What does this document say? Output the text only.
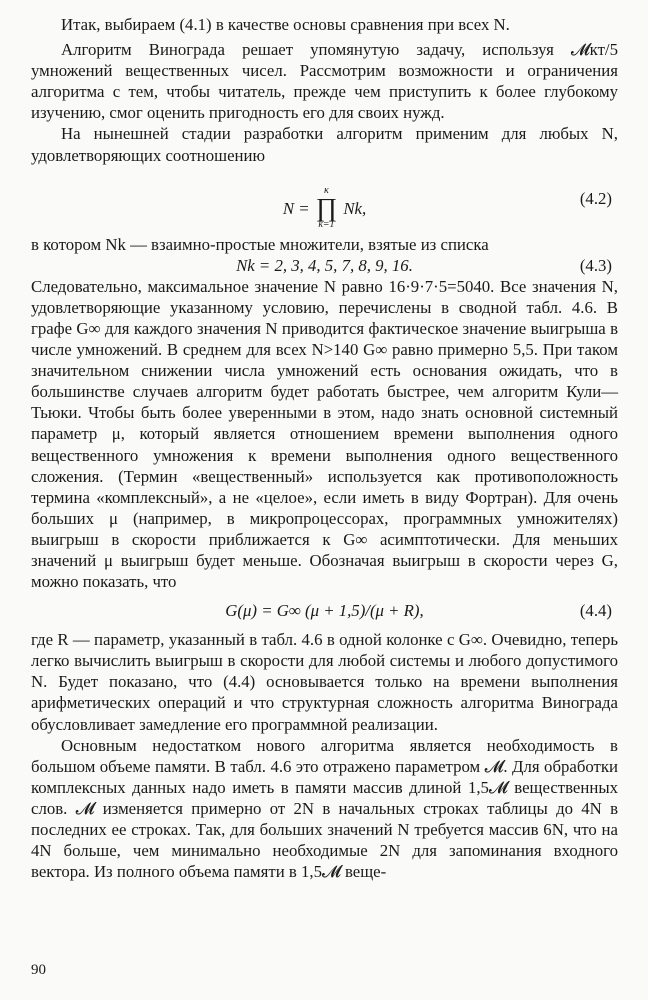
Итак, выбираем (4.1) в качестве основы сравнения при всех N.

Алгоритм Винограда решает упомянутую задачу, используя 𝓜кт/5 умножений вещественных чисел. Рассмотрим возможности и ограничения алгоритма с тем, чтобы читатель, прежде чем приступить к более глубокому изучению, смог оценить пригодность его для своих нужд.

На нынешней стадии разработки алгоритм применим для любых N, удовлетворяющих соотношению

N =
κ
∏
k=1
Nk,
(4.2)

в котором Nk — взаимно-простые множители, взятые из списка

Nk = 2, 3, 4, 5, 7, 8, 9, 16.	(4.3)

Следовательно, максимальное значение N равно 16·9·7·5=5040. Все значения N, удовлетворяющие указанному условию, перечислены в сводной табл. 4.6. В графе G∞ для каждого значения N приводится фактическое значение выигрыша в числе умножений. В среднем для всех N>140 G∞ равно примерно 5,5. При таком значительном снижении числа умножений есть основания ожидать, что в большинстве случаев алгоритм будет работать быстрее, чем алгоритм Кули—Тьюки. Чтобы быть более уверенными в этом, надо знать основной системный параметр μ, который является отношением времени выполнения одного вещественного умножения к времени выполнения одного вещественного сложения. (Термин «вещественный» используется как противоположность термина «комплексный», а не «целое», если иметь в виду Фортран). Для очень больших μ (например, в микропроцессорах, программных умножителях) выигрыш в скорости приближается к G∞ асимптотически. Для меньших значений μ выигрыш будет меньше. Обозначая выигрыш в скорости через G, можно показать, что

G(μ) = G∞ (μ + 1,5)/(μ + R),	(4.4)

где R — параметр, указанный в табл. 4.6 в одной колонке с G∞. Очевидно, теперь легко вычислить выигрыш в скорости для любой системы и любого допустимого N. Будет показано, что (4.4) основывается только на времени выполнения арифметических операций и что структурная сложность алгоритма Винограда обусловливает замедление его программной реализации.

Основным недостатком нового алгоритма является необходимость в большом объеме памяти. В табл. 4.6 это отражено параметром 𝓜. Для обработки комплексных данных надо иметь в памяти массив длиной 1,5𝓜 вещественных слов. 𝓜 изменяется примерно от 2N в начальных строках таблицы до 4N в последних ее строках. Так, для больших значений N требуется массив 6N, что на 4N больше, чем минимально необходимые 2N для запоминания входного вектора. Из полного объема памяти в 1,5𝓜 веще-

90
